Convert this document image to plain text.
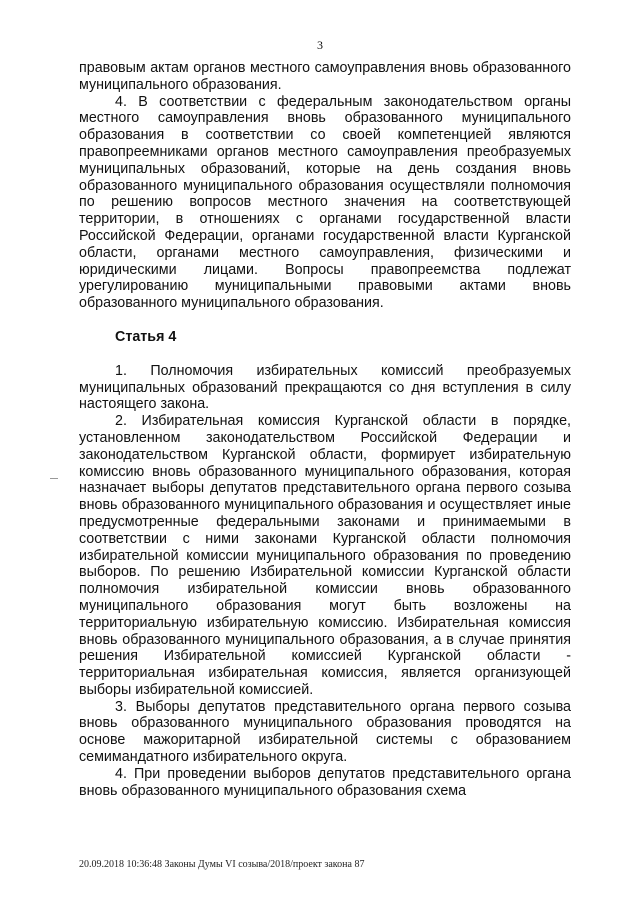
3

правовым актам органов местного самоуправления вновь образованного муниципального образования.

4. В соответствии с федеральным законодательством органы местного самоуправления вновь образованного муниципального образования в соответствии со своей компетенцией являются правопреемниками органов местного самоуправления преобразуемых муниципальных образований, которые на день создания вновь образованного муниципального образования осуществляли полномочия по решению вопросов местного значения на соответствующей территории, в отношениях с органами государственной власти Российской Федерации, органами государственной власти Курганской области, органами местного самоуправления, физическими и юридическими лицами. Вопросы правопреемства подлежат урегулированию муниципальными правовыми актами вновь образованного муниципального образования.

Статья 4

1. Полномочия избирательных комиссий преобразуемых муниципальных образований прекращаются со дня вступления в силу настоящего закона.

2. Избирательная комиссия Курганской области в порядке, установленном законодательством Российской Федерации и законодательством Курганской области, формирует избирательную комиссию вновь образованного муниципального образования, которая назначает выборы депутатов представительного органа первого созыва вновь образованного муниципального образования и осуществляет иные предусмотренные федеральными законами и принимаемыми в соответствии с ними законами Курганской области полномочия избирательной комиссии муниципального образования по проведению выборов. По решению Избирательной комиссии Курганской области полномочия избирательной комиссии вновь образованного муниципального образования могут быть возложены на территориальную избирательную комиссию. Избирательная комиссия вновь образованного муниципального образования, а в случае принятия решения Избирательной комиссией Курганской области - территориальная избирательная комиссия, является организующей выборы избирательной комиссией.

3. Выборы депутатов представительного органа первого созыва вновь образованного муниципального образования проводятся на основе мажоритарной избирательной системы с образованием семимандатного избирательного округа.

4. При проведении выборов депутатов представительного органа вновь образованного муниципального образования схема

20.09.2018 10:36:48 Законы Думы VI созыва/2018/проект закона 87
